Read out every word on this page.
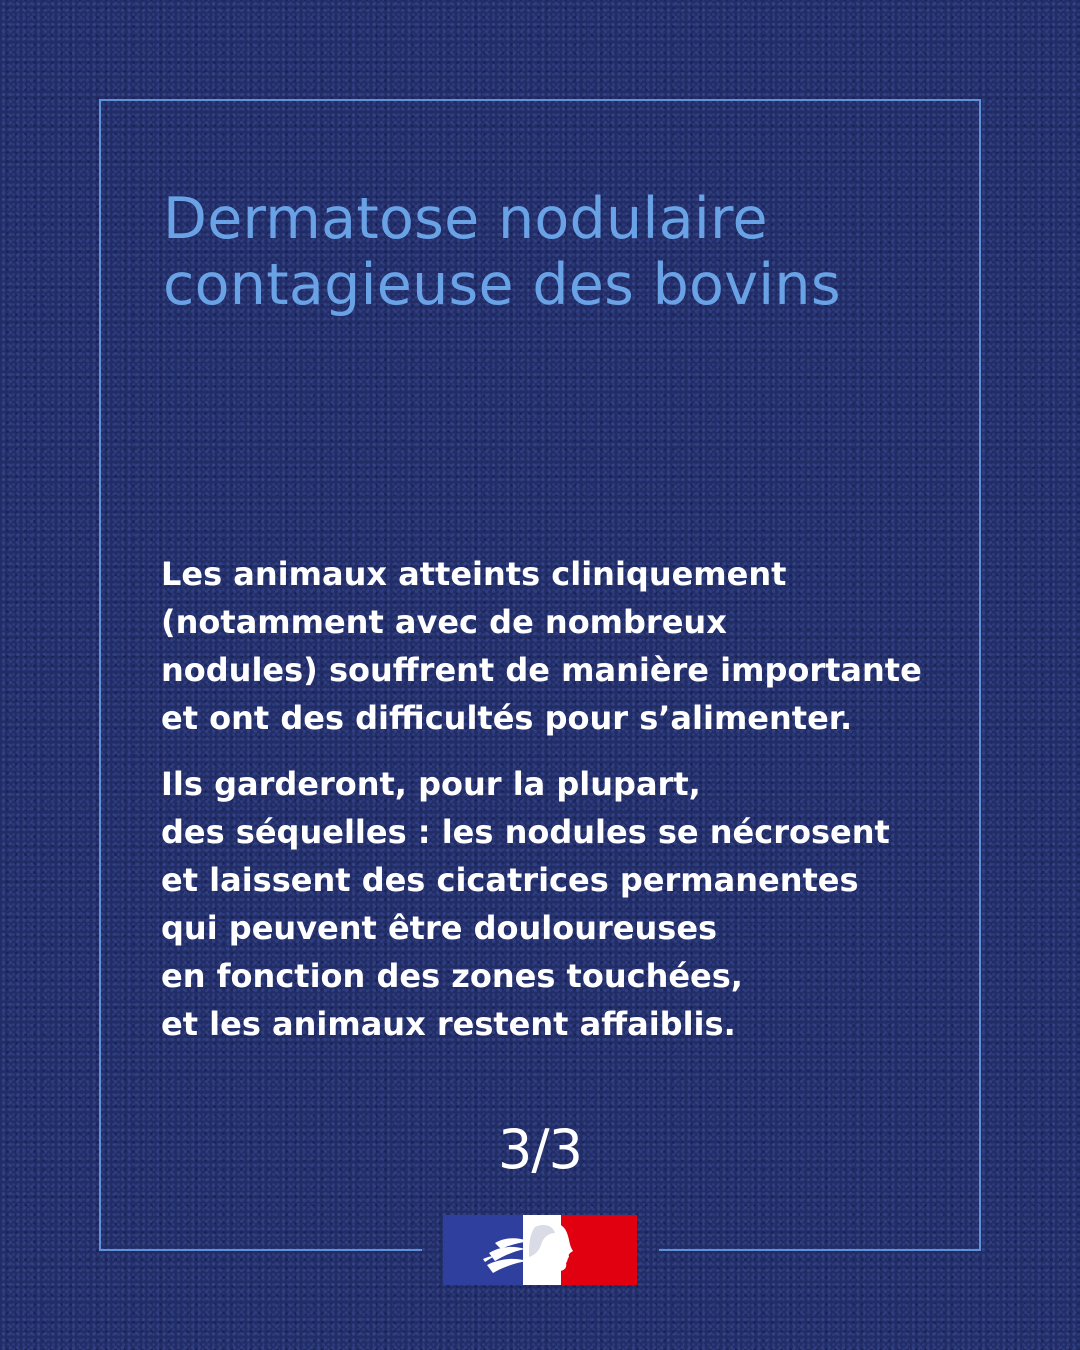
Dermatose nodulaire
contagieuse des bovins

Les animaux atteints cliniquement
(notamment avec de nombreux
nodules) souffrent de manière importante
et ont des difficultés pour s’alimenter.

Ils garderont, pour la plupart,
des séquelles : les nodules se nécrosent
et laissent des cicatrices permanentes
qui peuvent être douloureuses
en fonction des zones touchées,
et les animaux restent affaiblis.

3/3
